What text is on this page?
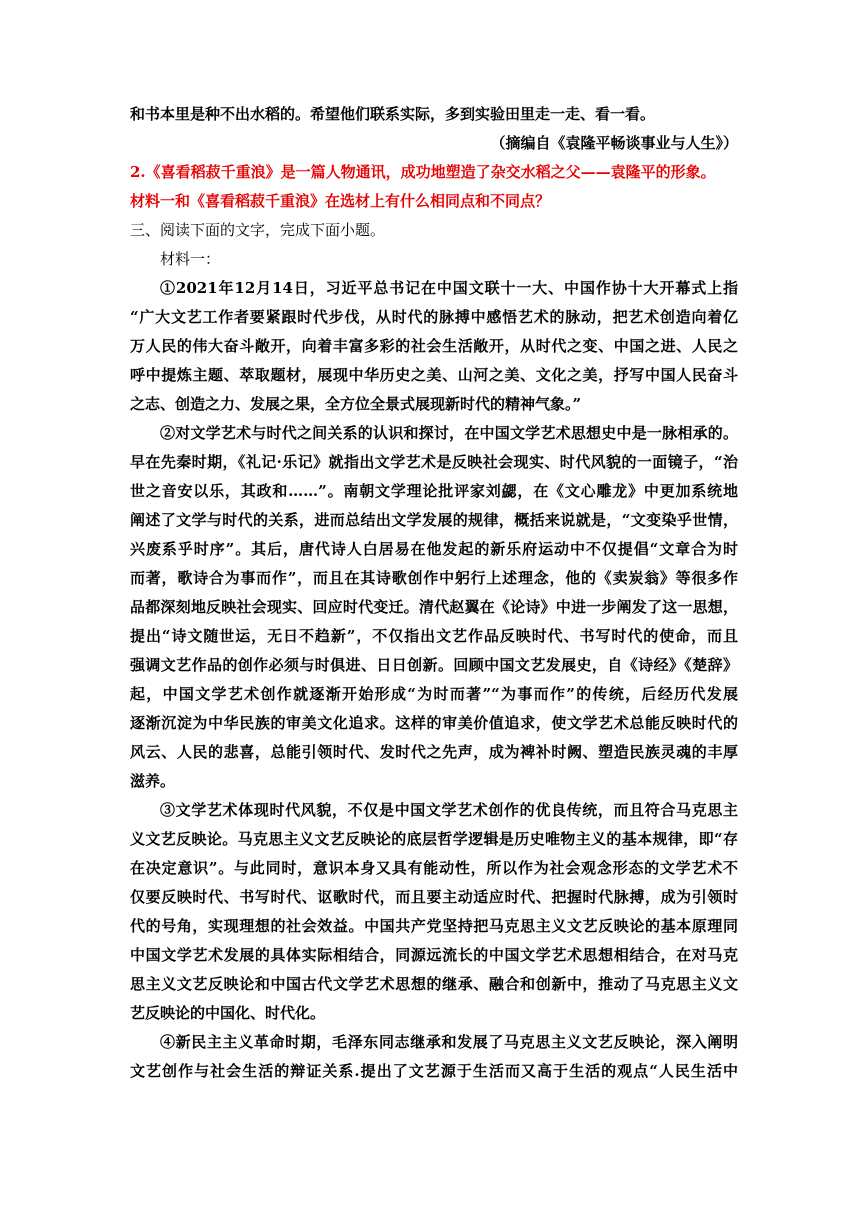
和书本里是种不出水稻的。希望他们联系实际，多到实验田里走一走、看一看。
（摘编自《袁隆平畅谈事业与人生》）
2.《喜看稻菽千重浪》是一篇人物通讯，成功地塑造了杂交水稻之父——袁隆平的形象。
材料一和《喜看稻菽千重浪》在选材上有什么相同点和不同点？
三、阅读下面的文字，完成下面小题。
材料一：
①2021年12月14日，习近平总书记在中国文联十一大、中国作协十大开幕式上指
“广大文艺工作者要紧跟时代步伐，从时代的脉搏中感悟艺术的脉动，把艺术创造向着亿
万人民的伟大奋斗敞开，向着丰富多彩的社会生活敞开，从时代之变、中国之进、人民之
呼中提炼主题、萃取题材，展现中华历史之美、山河之美、文化之美，抒写中国人民奋斗
之志、创造之力、发展之果，全方位全景式展现新时代的精神气象。”
②对文学艺术与时代之间关系的认识和探讨，在中国文学艺术思想史中是一脉相承的。
早在先秦时期，《礼记·乐记》就指出文学艺术是反映社会现实、时代风貌的一面镜子，“治
世之音安以乐，其政和……”。南朝文学理论批评家刘勰，在《文心雕龙》中更加系统地
阐述了文学与时代的关系，进而总结出文学发展的规律，概括来说就是，“文变染乎世情，
兴废系乎时序”。其后，唐代诗人白居易在他发起的新乐府运动中不仅提倡“文章合为时
而著，歌诗合为事而作”，而且在其诗歌创作中躬行上述理念，他的《卖炭翁》等很多作
品都深刻地反映社会现实、回应时代变迁。清代赵翼在《论诗》中进一步阐发了这一思想，
提出“诗文随世运，无日不趋新”，不仅指出文艺作品反映时代、书写时代的使命，而且
强调文艺作品的创作必须与时俱进、日日创新。回顾中国文艺发展史，自《诗经》《楚辞》
起，中国文学艺术创作就逐渐开始形成“为时而著”“为事而作”的传统，后经历代发展
逐渐沉淀为中华民族的审美文化追求。这样的审美价值追求，使文学艺术总能反映时代的
风云、人民的悲喜，总能引领时代、发时代之先声，成为裨补时阙、塑造民族灵魂的丰厚
滋养。
③文学艺术体现时代风貌，不仅是中国文学艺术创作的优良传统，而且符合马克思主
义文艺反映论。马克思主义文艺反映论的底层哲学逻辑是历史唯物主义的基本规律，即“存
在决定意识”。与此同时，意识本身又具有能动性，所以作为社会观念形态的文学艺术不
仅要反映时代、书写时代、讴歌时代，而且要主动适应时代、把握时代脉搏，成为引领时
代的号角，实现理想的社会效益。中国共产党坚持把马克思主义文艺反映论的基本原理同
中国文学艺术发展的具体实际相结合，同源远流长的中国文学艺术思想相结合，在对马克
思主义文艺反映论和中国古代文学艺术思想的继承、融合和创新中，推动了马克思主义文
艺反映论的中国化、时代化。
④新民主主义革命时期，毛泽东同志继承和发展了马克思主义文艺反映论，深入阐明
文艺创作与社会生活的辩证关系.提出了文艺源于生活而又高于生活的观点“人民生活中
